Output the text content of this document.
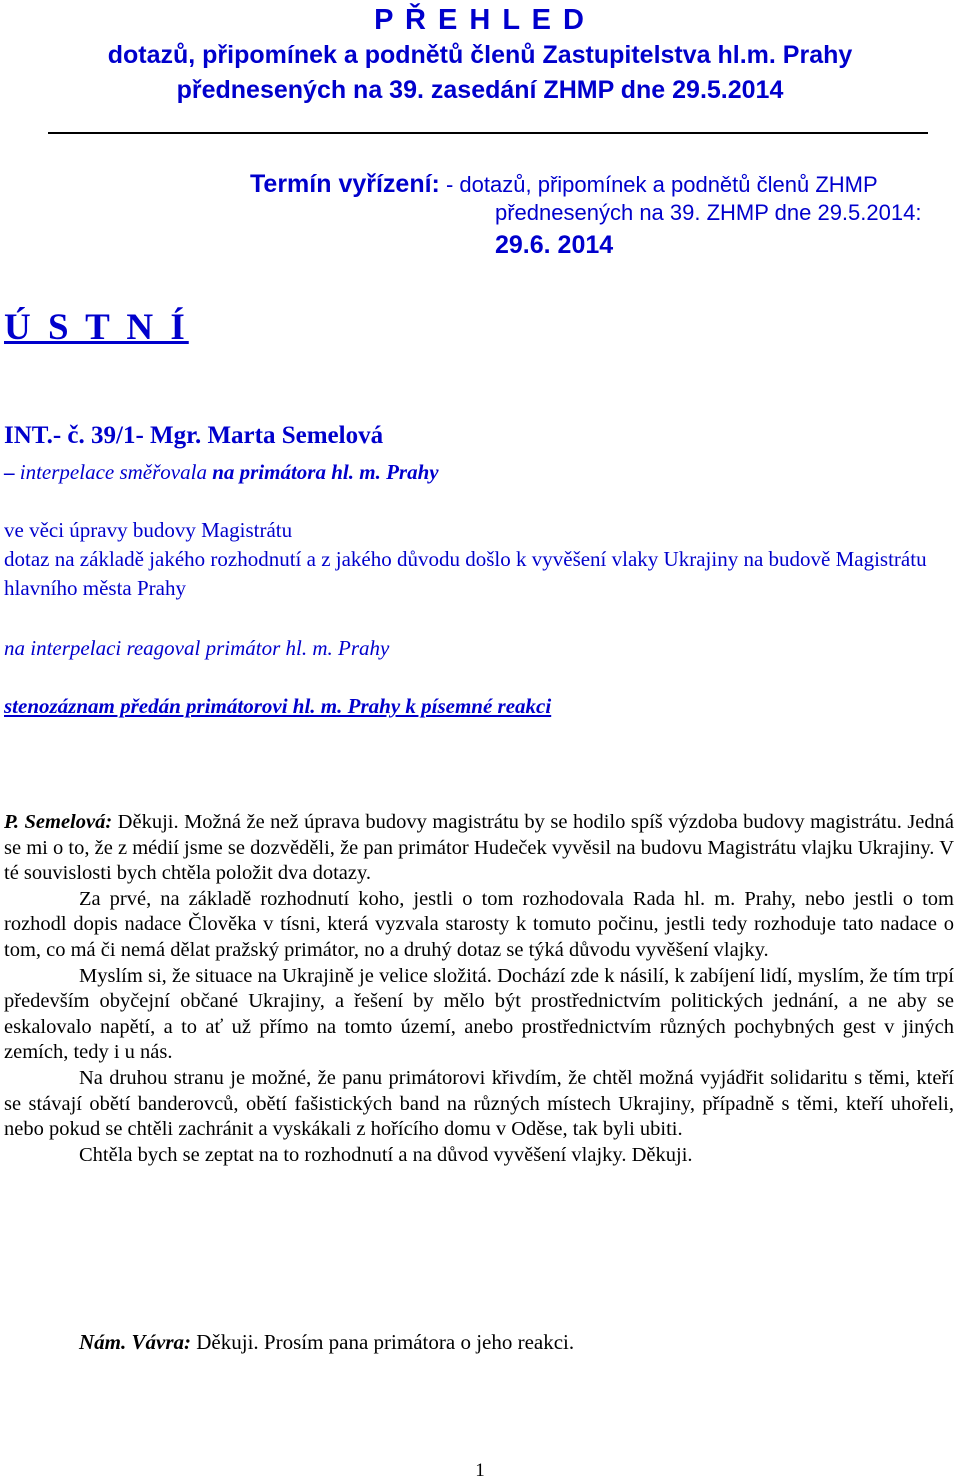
P Ř E H L E D
dotazů, připomínek a podnětů členů Zastupitelstva hl.m. Prahy
přednesených na 39. zasedání ZHMP dne 29.5.2014
Termín vyřízení: - dotazů, připomínek a podnětů členů ZHMP
přednesených na 39. ZHMP dne 29.5.2014:
29.6. 2014
Ú S T N Í
INT.- č. 39/1- Mgr. Marta Semelová
– interpelace směřovala na primátora hl. m. Prahy
ve věci úpravy budovy Magistrátu
dotaz na základě jakého rozhodnutí a z jakého důvodu došlo k vyvěšení vlaky Ukrajiny na budově Magistrátu hlavního města Prahy
na interpelaci reagoval primátor hl. m. Prahy
stenozáznam předán primátorovi hl. m. Prahy k písemné reakci

P. Semelová: Děkuji. Možná že než úprava budovy magistrátu by se hodilo spíš výzdoba budovy magistrátu. Jedná se mi o to, že z médií jsme se dozvěděli, že pan primátor Hudeček vyvěsil na budovu Magistrátu vlajku Ukrajiny. V té souvislosti bych chtěla položit dva dotazy.

Za prvé, na základě rozhodnutí koho, jestli o tom rozhodovala Rada hl. m. Prahy, nebo jestli o tom rozhodl dopis nadace Člověka v tísni, která vyzvala starosty k tomuto počinu, jestli tedy rozhoduje tato nadace o tom, co má či nemá dělat pražský primátor, no a druhý dotaz se týká důvodu vyvěšení vlajky.

Myslím si, že situace na Ukrajině je velice složitá. Dochází zde k násilí, k zabíjení lidí, myslím, že tím trpí především obyčejní občané Ukrajiny, a řešení by mělo být prostřednictvím politických jednání, a ne aby se eskalovalo napětí, a to ať už přímo na tomto území, anebo prostřednictvím různých pochybných gest v jiných zemích, tedy i u nás.

Na druhou stranu je možné, že panu primátorovi křivdím, že chtěl možná vyjádřit solidaritu s těmi, kteří se stávají obětí banderovců, obětí fašistických band na různých místech Ukrajiny, případně s těmi, kteří uhořeli, nebo pokud se chtěli zachránit a vyskákali z hořícího domu v Oděse, tak byli ubiti.

Chtěla bych se zeptat na to rozhodnutí a na důvod vyvěšení vlajky. Děkuji.

Nám. Vávra: Děkuji. Prosím pana primátora o jeho reakci.
1
